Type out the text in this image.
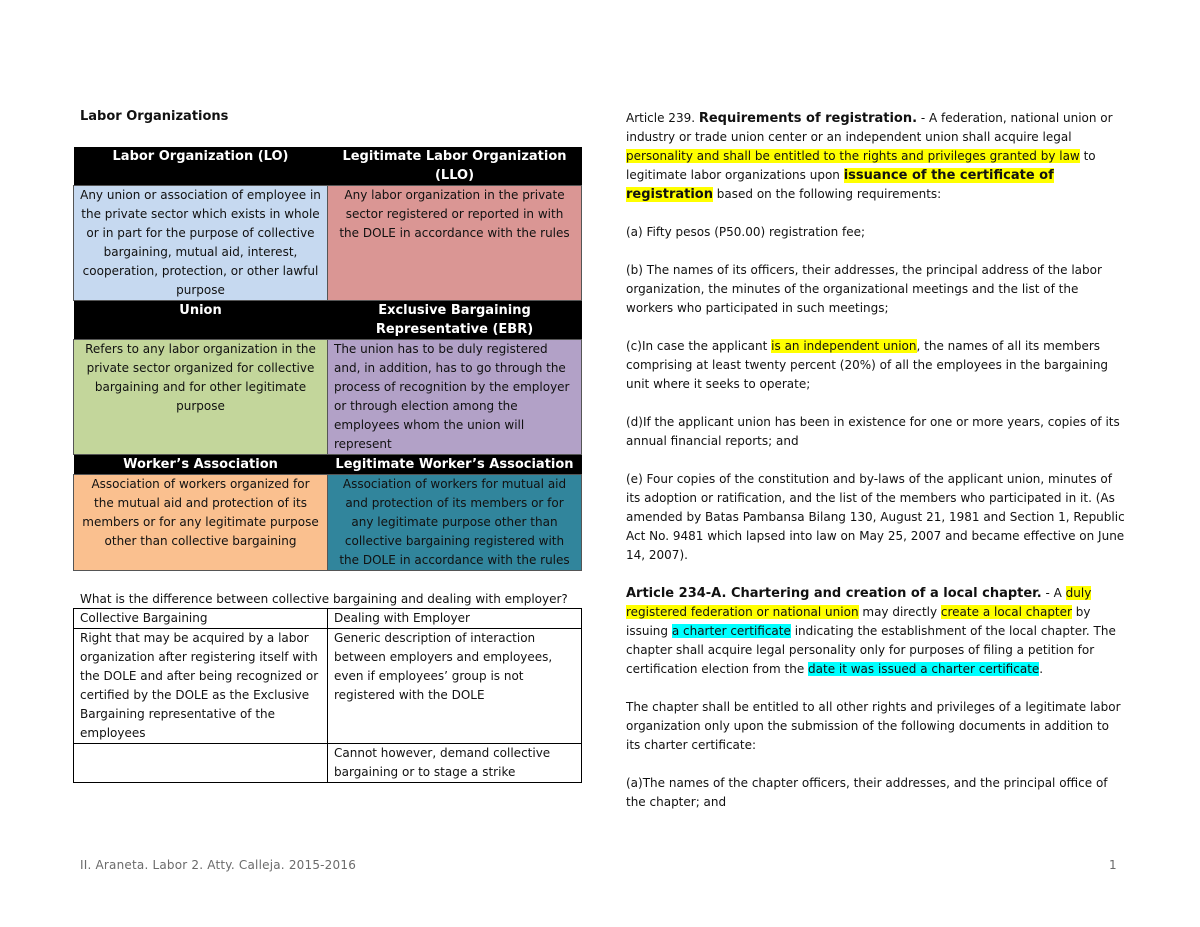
Labor Organizations
Labor Organization (LO)	Legitimate Labor Organization (LLO)
Any union or association of employee in the private sector which exists in whole or in part for the purpose of collective bargaining, mutual aid, interest, cooperation, protection, or other lawful purpose	Any labor organization in the private sector registered or reported in with the DOLE in accordance with the rules
Union	Exclusive Bargaining Representative (EBR)
Refers to any labor organization in the private sector organized for collective bargaining and for other legitimate purpose	The union has to be duly registered and, in addition, has to go through the process of recognition by the employer or through election among the employees whom the union will represent
Worker’s Association	Legitimate Worker’s Association
Association of workers organized for the mutual aid and protection of its members or for any legitimate purpose other than collective bargaining	Association of workers for mutual aid and protection of its members or for any legitimate purpose other than collective bargaining registered with the DOLE in accordance with the rules
What is the difference between collective bargaining and dealing with employer?
Collective Bargaining	Dealing with Employer
Right that may be acquired by a labor organization after registering itself with the DOLE and after being recognized or certified by the DOLE as the Exclusive Bargaining representative of the employees	Generic description of interaction between employers and employees, even if employees’ group is not registered with the DOLE
	Cannot however, demand collective bargaining or to stage a strike

Article 239. Requirements of registration. - A federation, national union or industry or trade union center or an independent union shall acquire legal personality and shall be entitled to the rights and privileges granted by law to legitimate labor organizations upon issuance of the certificate of registration based on the following requirements:

(a) Fifty pesos (P50.00) registration fee;

(b) The names of its officers, their addresses, the principal address of the labor organization, the minutes of the organizational meetings and the list of the workers who participated in such meetings;

(c)In case the applicant is an independent union, the names of all its members comprising at least twenty percent (20%) of all the employees in the bargaining unit where it seeks to operate;

(d)If the applicant union has been in existence for one or more years, copies of its annual financial reports; and

(e) Four copies of the constitution and by-laws of the applicant union, minutes of its adoption or ratification, and the list of the members who participated in it. (As amended by Batas Pambansa Bilang 130, August 21, 1981 and Section 1, Republic Act No. 9481 which lapsed into law on May 25, 2007 and became effective on June 14, 2007).

Article 234-A. Chartering and creation of a local chapter. - A duly registered federation or national union may directly create a local chapter by issuing a charter certificate indicating the establishment of the local chapter. The chapter shall acquire legal personality only for purposes of filing a petition for certification election from the date it was issued a charter certificate.

The chapter shall be entitled to all other rights and privileges of a legitimate labor organization only upon the submission of the following documents in addition to its charter certificate:

(a)The names of the chapter officers, their addresses, and the principal office of the chapter; and

II. Araneta. Labor 2. Atty. Calleja. 2015-2016	1
